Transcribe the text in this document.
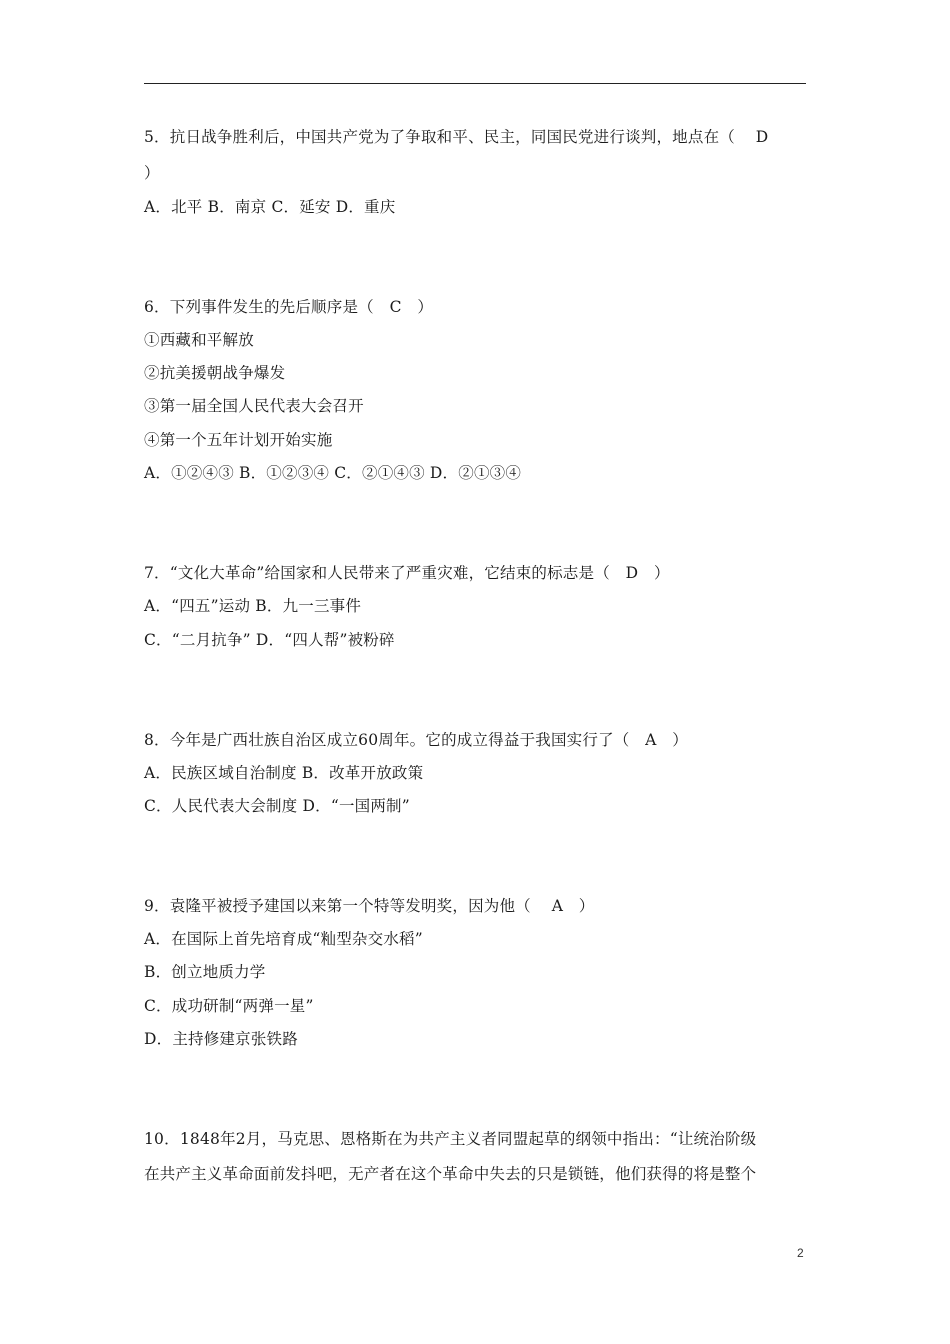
5．抗日战争胜利后，中国共产党为了争取和平、民主，同国民党进行谈判，地点在（　 D
）
A．北平 B．南京 C．延安 D．重庆
6．下列事件发生的先后顺序是（　C　）
①西藏和平解放
②抗美援朝战争爆发
③第一届全国人民代表大会召开
④第一个五年计划开始实施
A．①②④③ B．①②③④ C．②①④③ D．②①③④
7．“文化大革命”给国家和人民带来了严重灾难，它结束的标志是（　D　）
A．“四五”运动 B．九一三事件
C．“二月抗争” D．“四人帮”被粉碎
8．今年是广西壮族自治区成立60周年。它的成立得益于我国实行了（　A　）
A．民族区域自治制度 B．改革开放政策
C．人民代表大会制度 D．“一国两制”
9．袁隆平被授予建国以来第一个特等发明奖，因为他（　 A　）
A．在国际上首先培育成“籼型杂交水稻”
B．创立地质力学
C．成功研制“两弹一星”
D．主持修建京张铁路
10．1848年2月，马克思、恩格斯在为共产主义者同盟起草的纲领中指出：“让统治阶级
在共产主义革命面前发抖吧，无产者在这个革命中失去的只是锁链，他们获得的将是整个
2
